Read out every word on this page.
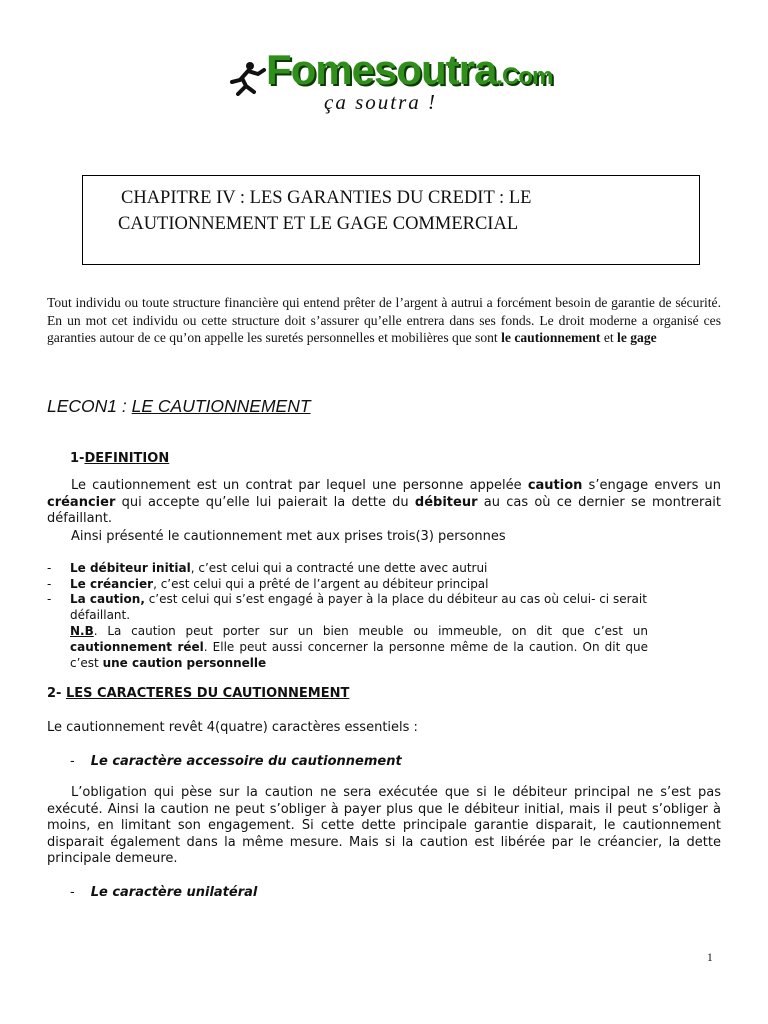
Fomesoutra.Com
ça soutra !
CHAPITRE IV : LES GARANTIES DU CREDIT : LE
CAUTIONNEMENT ET LE GAGE COMMERCIAL
Tout individu ou toute structure financière qui entend prêter de l’argent à autrui a forcément besoin de garantie de sécurité. En un mot cet individu ou cette structure doit s’assurer qu’elle entrera dans ses fonds. Le droit moderne a organisé ces garanties autour de ce qu’on appelle les suretés personnelles et mobilières que sont le cautionnement et le gage
LECON1 : LE CAUTIONNEMENT
1-DEFINITION
Le cautionnement est un contrat par lequel une personne appelée caution s’engage envers un créancier qui accepte qu’elle lui paierait la dette du débiteur au cas où ce dernier se montrerait défaillant.
Ainsi présenté le cautionnement met aux prises trois(3) personnes
- Le débiteur initial, c’est celui qui a contracté une dette avec autrui
- Le créancier, c’est celui qui a prêté de l’argent au débiteur principal
- La caution, c’est celui qui s’est engagé à payer à la place du débiteur au cas où celui- ci serait défaillant.
N.B. La caution peut porter sur un bien meuble ou immeuble, on dit que c’est un cautionnement réel. Elle peut aussi concerner la personne même de la caution. On dit que c’est une caution personnelle
2- LES CARACTERES DU CAUTIONNEMENT
Le cautionnement revêt 4(quatre) caractères essentiels :
- Le caractère accessoire du cautionnement
L’obligation qui pèse sur la caution ne sera exécutée que si le débiteur principal ne s’est pas exécuté. Ainsi la caution ne peut s’obliger à payer plus que le débiteur initial, mais il peut s’obliger à moins, en limitant son engagement. Si cette dette principale garantie disparait, le cautionnement disparait également dans la même mesure. Mais si la caution est libérée par le créancier, la dette principale demeure.
- Le caractère unilatéral
1
